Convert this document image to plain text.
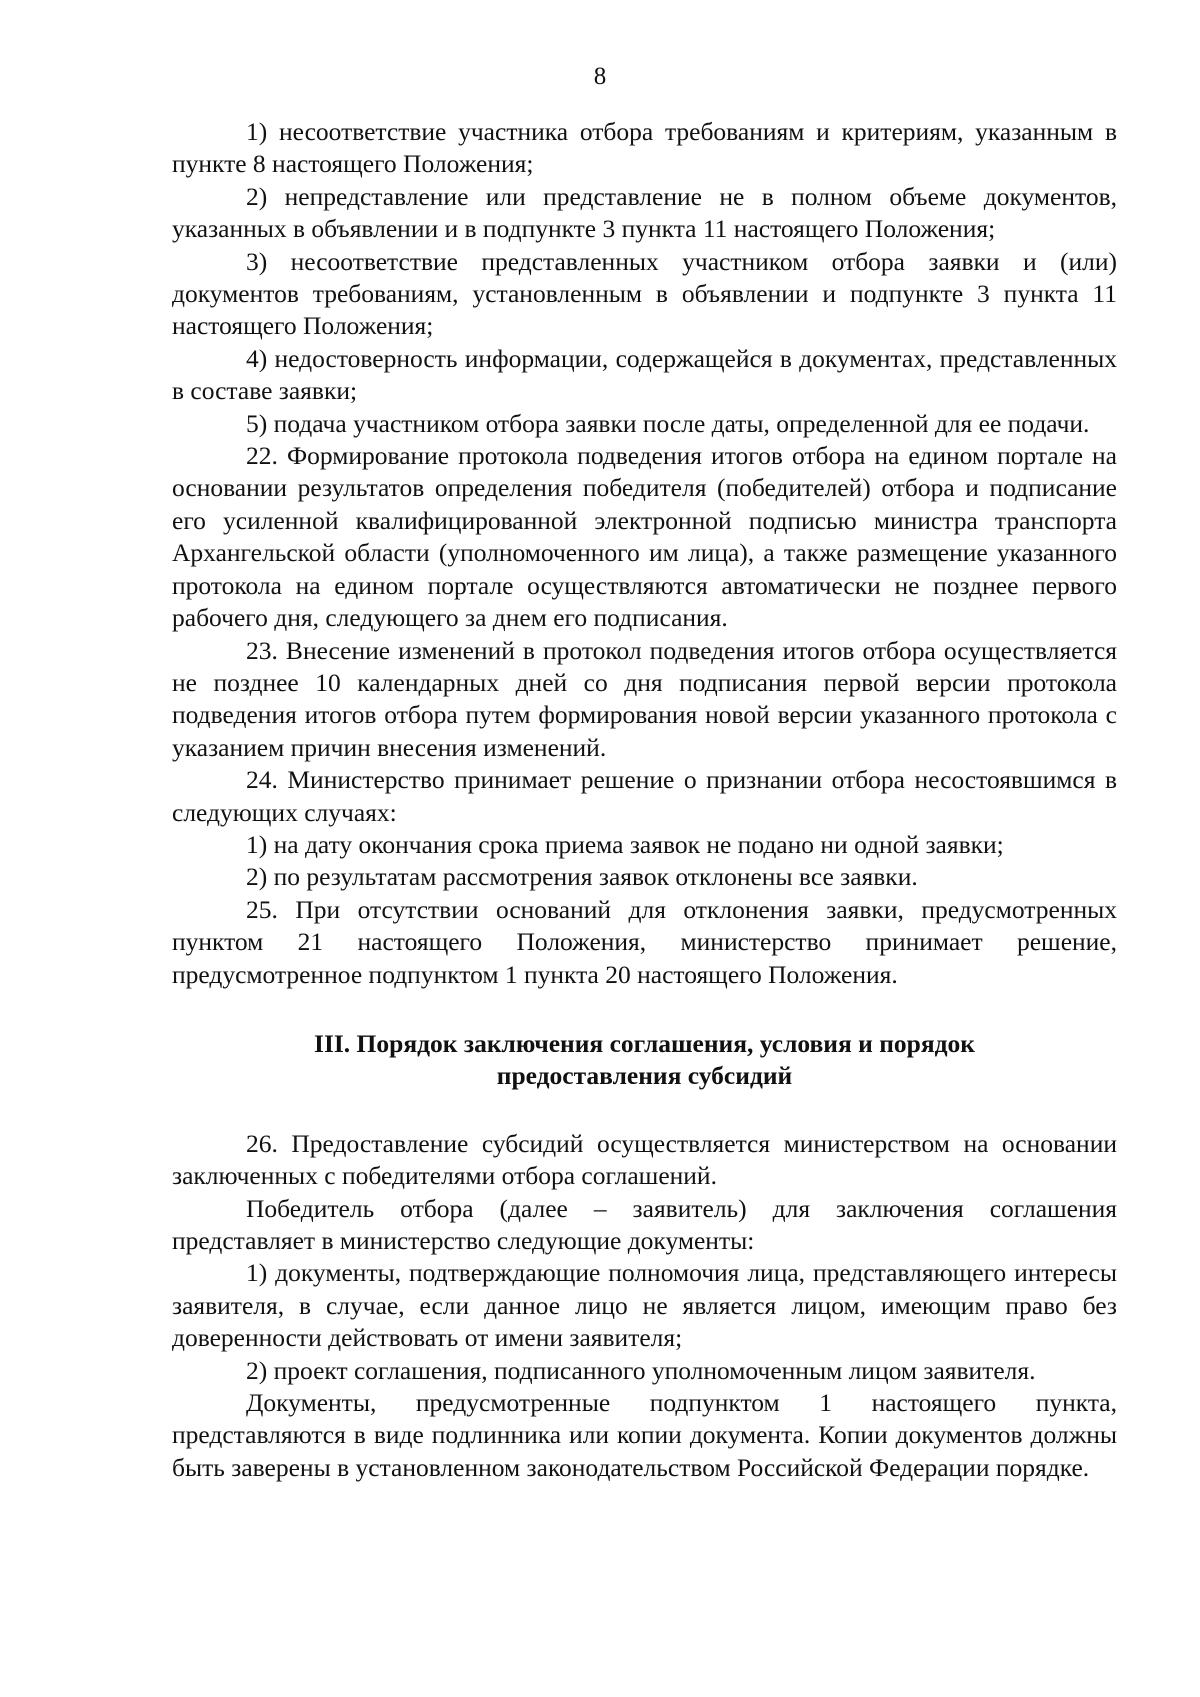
8

1) несоответствие участника отбора требованиям и критериям, указанным в пункте 8 настоящего Положения;

2) непредставление или представление не в полном объеме документов, указанных в объявлении и в подпункте 3 пункта 11 настоящего Положения;

3) несоответствие представленных участником отбора заявки и (или) документов требованиям, установленным в объявлении и подпункте 3 пункта 11 настоящего Положения;

4) недостоверность информации, содержащейся в документах, представленных в составе заявки;

5) подача участником отбора заявки после даты, определенной для ее подачи.

22. Формирование протокола подведения итогов отбора на едином портале на основании результатов определения победителя (победителей) отбора и подписание его усиленной квалифицированной электронной подписью министра транспорта Архангельской области (уполномоченного им лица), а также размещение указанного протокола на едином портале осуществляются автоматически не позднее первого рабочего дня, следующего за днем его подписания.

23. Внесение изменений в протокол подведения итогов отбора осуществляется не позднее 10 календарных дней со дня подписания первой версии протокола подведения итогов отбора путем формирования новой версии указанного протокола с указанием причин внесения изменений.

24. Министерство принимает решение о признании отбора несостоявшимся в следующих случаях:

1) на дату окончания срока приема заявок не подано ни одной заявки;

2) по результатам рассмотрения заявок отклонены все заявки.

25. При отсутствии оснований для отклонения заявки, предусмотренных пунктом 21 настоящего Положения, министерство принимает решение, предусмотренное подпунктом 1 пункта 20 настоящего Положения.

III. Порядок заключения соглашения, условия и порядок
предоставления субсидий

26. Предоставление субсидий осуществляется министерством на основании заключенных с победителями отбора соглашений.

Победитель отбора (далее – заявитель) для заключения соглашения представляет в министерство следующие документы:

1) документы, подтверждающие полномочия лица, представляющего интересы заявителя, в случае, если данное лицо не является лицом, имеющим право без доверенности действовать от имени заявителя;

2) проект соглашения, подписанного уполномоченным лицом заявителя.

Документы, предусмотренные подпунктом 1 настоящего пункта, представляются в виде подлинника или копии документа. Копии документов должны быть заверены в установленном законодательством Российской Федерации порядке.
